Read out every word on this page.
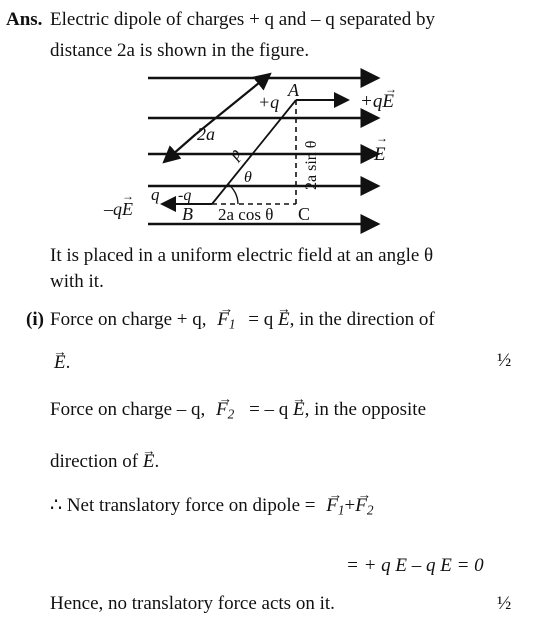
Ans. Electric dipole of charges + q and – q separated by
distance 2a is shown in the figure.
A
+q	+qE
2a
E
p
θ	2a sin θ
q -q
–qE	B 2a cos θ C
→
→
→
It is placed in a uniform electric field at an angle θ
with it.
(i) Force on charge + q, → $F_1 = q \to E$, in the direction of
→ E.	½
Force on charge – q, → $F_2$ = – q → E, in the opposite
direction of → E.
∴ Net translatory force on dipole = → $F_1+\to F_2$
= + q E – q E = 0
Hence, no translatory force acts on it.	½
